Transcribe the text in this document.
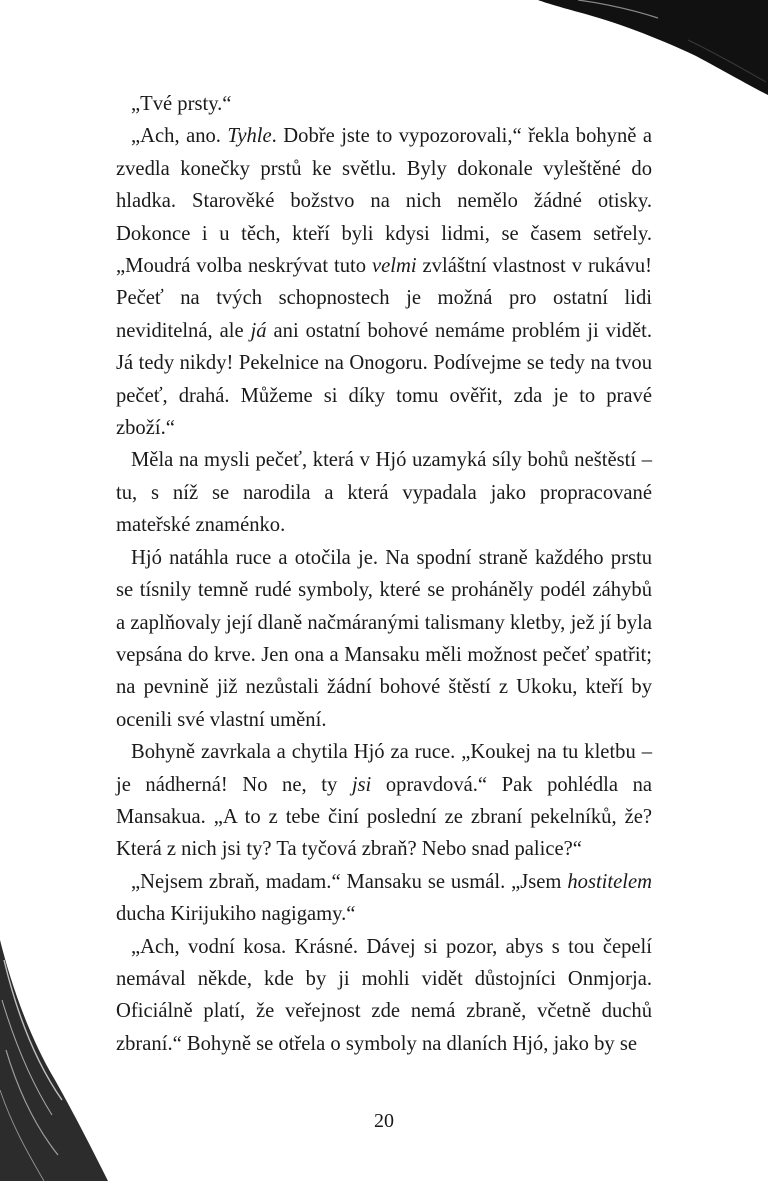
„Tvé prsty.“

„Ach, ano. Tyhle. Dobře jste to vypozorovali,“ řekla bohyně a zvedla konečky prstů ke světlu. Byly dokonale vyleštěné do hladka. Starověké božstvo na nich nemělo žádné otisky. Dokonce i u těch, kteří byli kdysi lidmi, se časem setřely. „Moudrá volba neskrývat tuto velmi zvláštní vlastnost v rukávu! Pečeť na tvých schopnostech je možná pro ostatní lidi neviditelná, ale já ani ostatní bohové nemáme problém ji vidět. Já tedy nikdy! Pekelnice na Onogoru. Podívejme se tedy na tvou pečeť, drahá. Můžeme si díky tomu ověřit, zda je to pravé zboží.“

Měla na mysli pečeť, která v Hjó uzamyká síly bohů neštěstí – tu, s níž se narodila a která vypadala jako propracované mateřské znaménko.

Hjó natáhla ruce a otočila je. Na spodní straně každého prstu se tísnily temně rudé symboly, které se proháněly podél záhybů a zaplňovaly její dlaně načmáranými talismany kletby, jež jí byla vepsána do krve. Jen ona a Mansaku měli možnost pečeť spatřit; na pevnině již nezůstali žádní bohové štěstí z Ukoku, kteří by ocenili své vlastní umění.

Bohyně zavrkala a chytila Hjó za ruce. „Koukej na tu kletbu – je nádherná! No ne, ty jsi opravdová.“ Pak pohlédla na Mansakua. „A to z tebe činí poslední ze zbraní pekelníků, že? Která z nich jsi ty? Ta tyčová zbraň? Nebo snad palice?“

„Nejsem zbraň, madam.“ Mansaku se usmál. „Jsem hostitelem ducha Kirijukiho nagigamy.“

„Ach, vodní kosa. Krásné. Dávej si pozor, abys s tou čepelí nemával někde, kde by ji mohli vidět důstojníci Onmjorja. Oficiálně platí, že veřejnost zde nemá zbraně, včetně duchů zbraní.“ Bohyně se otřela o symboly na dlaních Hjó, jako by se

20
